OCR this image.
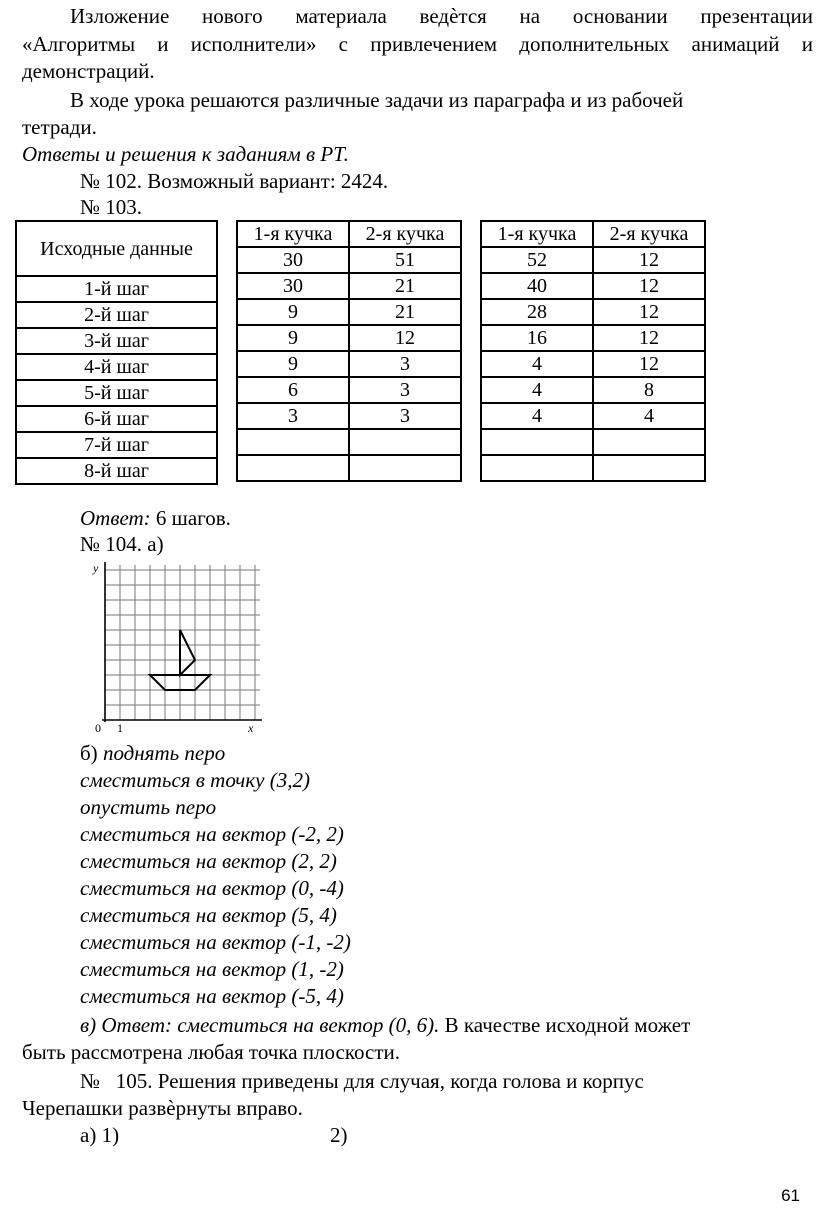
Изложение нового материала ведѐтся на основании презентации
«Алгоритмы и исполнители» с привлечением дополнительных анимаций и
демонстраций.
В ходе урока решаются различные задачи из параграфа и из рабочей
тетради.
Ответы и решения к заданиям в РТ.
№ 102. Возможный вариант: 2424.
№ 103.
Исходные данные
1-й шаг
2-й шаг
3-й шаг
4-й шаг
5-й шаг
6-й шаг
7-й шаг
8-й шаг
1-я кучка	2-я кучка
30	51
30	21
9	21
9	12
9	3
6	3
3	3

1-я кучка	2-я кучка
52	12
40	12
28	12
16	12
4	12
4	8
4	4

Ответ: 6 шагов.
№ 104. а)
y
x
0 1
б) поднять перо
сместиться в точку (3,2)
опустить перо
сместиться на вектор (-2, 2)
сместиться на вектор (2, 2)
сместиться на вектор (0, -4)
сместиться на вектор (5, 4)
сместиться на вектор (-1, -2)
сместиться на вектор (1, -2)
сместиться на вектор (-5, 4)
в) Ответ: сместиться на вектор (0, 6). В качестве исходной может
быть рассмотрена любая точка плоскости.
№   105. Решения приведены для случая, когда голова и корпус
Черепашки развѐрнуты вправо.
а) 1)	2)
61
